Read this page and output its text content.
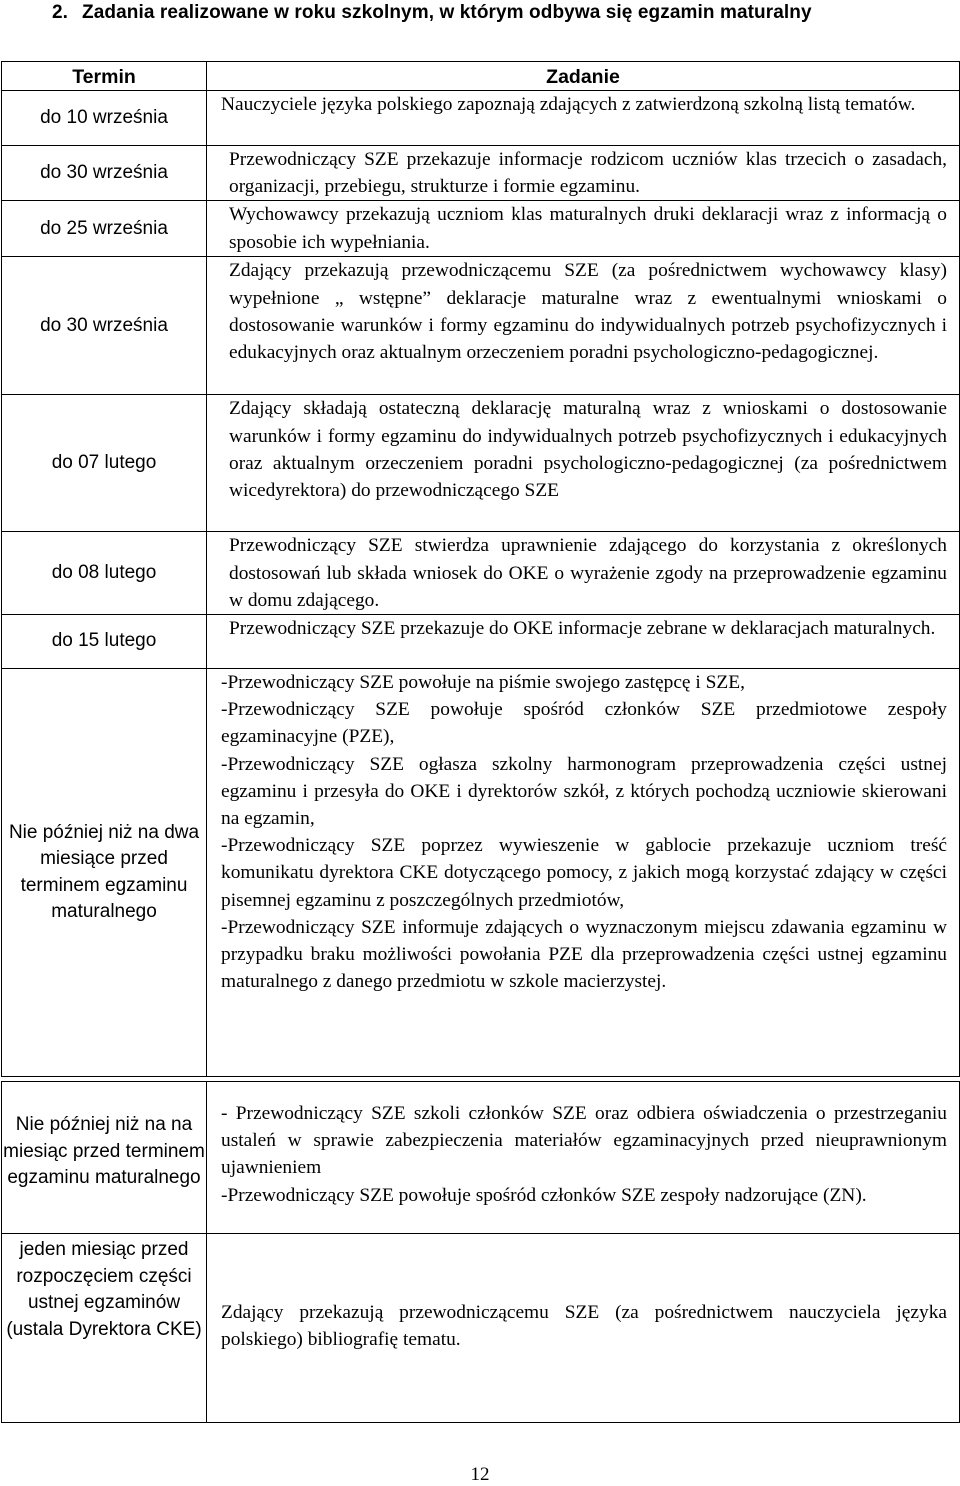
2. Zadania realizowane w roku szkolnym, w którym odbywa się egzamin maturalny
Termin	Zadanie
do 10 września	Nauczyciele języka polskiego zapoznają zdających z zatwierdzoną szkolną listą tematów.

do 30 września	Przewodniczący SZE przekazuje informacje rodzicom uczniów klas trzecich o zasadach, organizacji, przebiegu, strukturze i formie egzaminu.

do 25 września	Wychowawcy przekazują uczniom klas maturalnych druki deklaracji wraz z informacją o sposobie ich wypełniania.

do 30 września	Zdający przekazują przewodniczącemu SZE (za pośrednictwem wychowawcy klasy) wypełnione „ wstępne” deklaracje maturalne wraz z ewentualnymi wnioskami o dostosowanie warunków i formy egzaminu do indywidualnych potrzeb psychofizycznych i edukacyjnych oraz aktualnym orzeczeniem poradni psychologiczno-pedagogicznej.

do 07 lutego	Zdający składają ostateczną deklarację maturalną wraz z wnioskami o dostosowanie warunków i formy egzaminu do indywidualnych potrzeb psychofizycznych i edukacyjnych oraz aktualnym orzeczeniem poradni psychologiczno-pedagogicznej (za pośrednictwem wicedyrektora) do przewodniczącego SZE

do 08 lutego	Przewodniczący SZE stwierdza uprawnienie zdającego do korzystania z określonych dostosowań lub składa wniosek do OKE o wyrażenie zgody na przeprowadzenie egzaminu w domu zdającego.

do 15 lutego	Przewodniczący SZE przekazuje do OKE informacje zebrane w deklaracjach maturalnych.

Nie później niż na dwa miesiące przed terminem egzaminu maturalnego	-Przewodniczący SZE powołuje na piśmie swojego zastępcę i SZE,

-Przewodniczący SZE powołuje spośród członków SZE przedmiotowe zespoły egzaminacyjne (PZE),

-Przewodniczący SZE ogłasza szkolny harmonogram przeprowadzenia części ustnej egzaminu i przesyła do OKE i dyrektorów szkół, z których pochodzą uczniowie skierowani na egzamin,

-Przewodniczący SZE poprzez wywieszenie w gablocie przekazuje uczniom treść komunikatu dyrektora CKE dotyczącego pomocy, z jakich mogą korzystać zdający w części pisemnej egzaminu z poszczególnych przedmiotów,

-Przewodniczący SZE informuje zdających o wyznaczonym miejscu zdawania egzaminu w przypadku braku możliwości powołania PZE dla przeprowadzenia części ustnej egzaminu maturalnego z danego przedmiotu w szkole macierzystej.

Nie później niż na na miesiąc przed terminem egzaminu maturalnego	- Przewodniczący SZE szkoli członków SZE oraz odbiera oświadczenia o przestrzeganiu ustaleń w sprawie zabezpieczenia materiałów egzaminacyjnych przed nieuprawnionym ujawnieniem

-Przewodniczący SZE powołuje spośród członków SZE zespoły nadzorujące (ZN).

jeden miesiąc przed rozpoczęciem części ustnej egzaminów (ustala Dyrektora CKE)	Zdający przekazują przewodniczącemu SZE (za pośrednictwem nauczyciela języka polskiego) bibliografię tematu.

12
